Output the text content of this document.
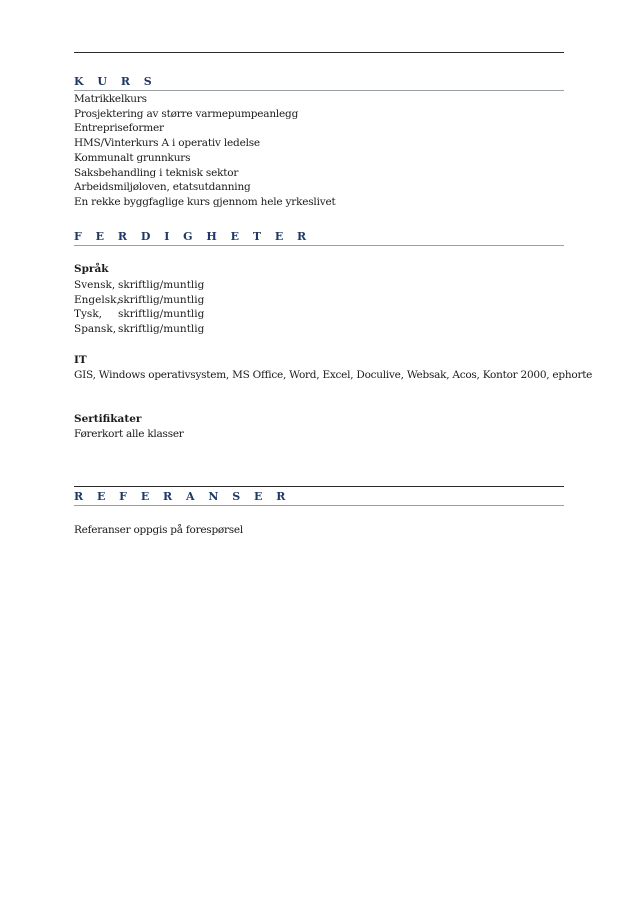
K U R S
Matrikkelkurs
Prosjektering av større varmepumpeanlegg
Entrepriseformer
HMS/Vinterkurs A i operativ ledelse
Kommunalt grunnkurs
Saksbehandling i teknisk sektor
Arbeidsmiljøloven, etatsutdanning
En rekke byggfaglige kurs gjennom hele yrkeslivet
F E R D I G H E T E R
Språk
Svensk, skriftlig/muntlig
Engelsk,skriftlig/muntlig
Tysk, skriftlig/muntlig
Spansk, skriftlig/muntlig
IT
GIS, Windows operativsystem, MS Office, Word, Excel, Doculive, Websak, Acos, Kontor 2000, ephorte
Sertifikater
Førerkort alle klasser
R E F E R A N S E R
Referanser oppgis på forespørsel
